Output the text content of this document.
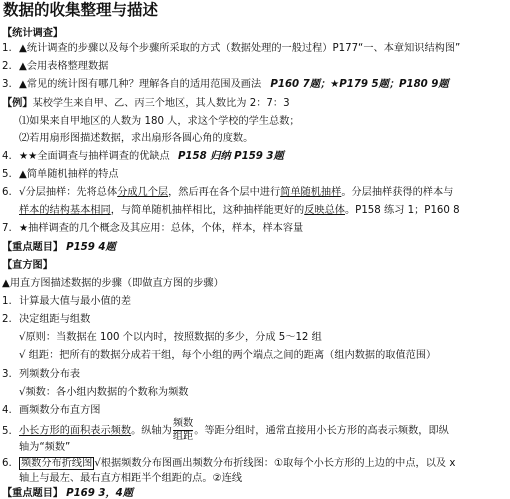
数据的收集整理与描述
【统计调查】
1. ▲统计调查的步骤以及每个步骤所采取的方式（数据处理的一般过程）P177“一、本章知识结构图”
2. ▲会用表格整理数据
3. ▲常见的统计图有哪几种？理解各自的适用范围及画法 P160 7题；★P179 5题；P180 9题
【例】某校学生来自甲、乙、丙三个地区，其人数比为 2：7：3
⑴如果来自甲地区的人数为 180 人，求这个学校的学生总数；
⑵若用扇形图描述数据，求出扇形各圆心角的度数。
4. ★★全面调查与抽样调查的优缺点 P158 归纳 P159 3题
5. ▲简单随机抽样的特点
6. √分层抽样：先将总体分成几个层，然后再在各个层中进行简单随机抽样。分层抽样获得的样本与
样本的结构基本相同，与简单随机抽样相比，这种抽样能更好的反映总体。P158 练习 1；P160 8
7. ★抽样调查的几个概念及其应用：总体，个体，样本，样本容量
【重点题目】 P159 4题
【直方图】
▲用直方图描述数据的步骤（即做直方图的步骤）
1. 计算最大值与最小值的差
2. 决定组距与组数
√原则：当数据在 100 个以内时，按照数据的多少，分成 5～12 组
√ 组距：把所有的数据分成若干组，每个小组的两个端点之间的距离（组内数据的取值范围）
3. 列频数分布表
√频数：各小组内数据的个数称为频数
4. 画频数分布直方图
5. 小长方形的面积表示频数。纵轴为 $\frac{\text{频数}}{\text{组距}}$ 。等距分组时，通常直接用小长方形的高表示频数，即纵
轴为“频数”
6. 频数分布折线图 √根据频数分布图画出频数分布折线图：①取每个小长方形的上边的中点，以及 x
轴上与最左、最右直方相距半个组距的点。②连线
【重点题目】 P169 3，4题
